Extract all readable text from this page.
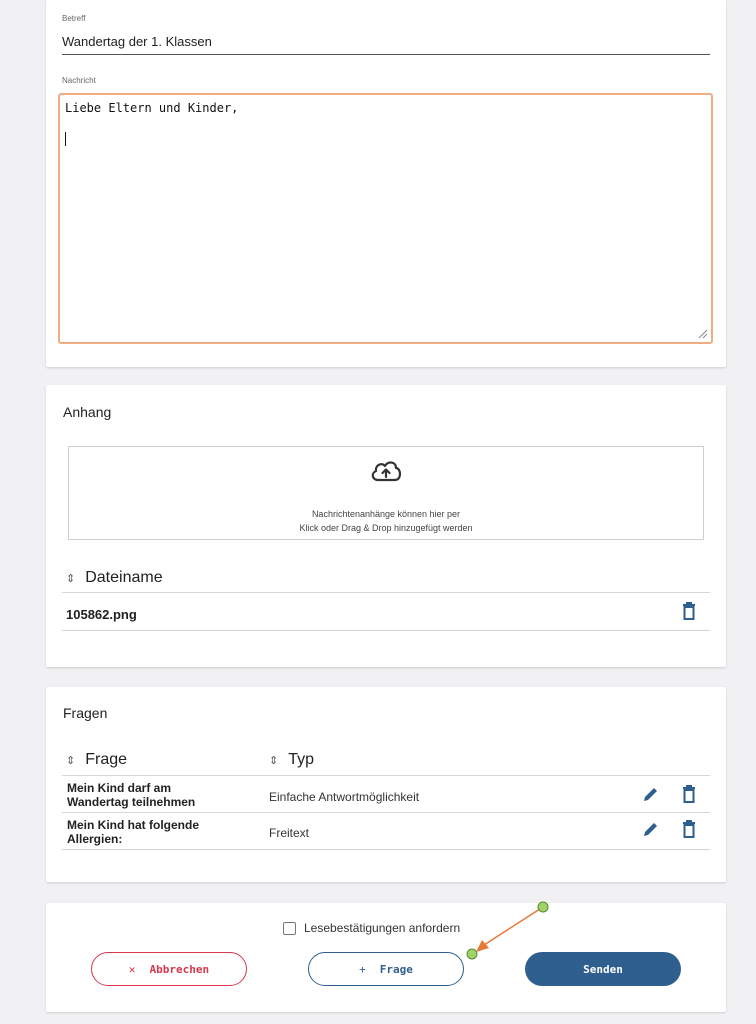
Betreff
Wandertag der 1. Klassen
Nachricht
Liebe Eltern und Kinder,
Anhang
Nachrichtenanhänge können hier per
Klick oder Drag & Drop hinzugefügt werden
⇕ Dateiname
105862.png
Fragen
⇕ Frage	⇕ Typ
Mein Kind darf am
Wandertag teilnehmen	Einfache Antwortmöglichkeit
Mein Kind hat folgende
Allergien:	Freitext
Lesebestätigungen anfordern
✕ Abbrechen	+ Frage	Senden
